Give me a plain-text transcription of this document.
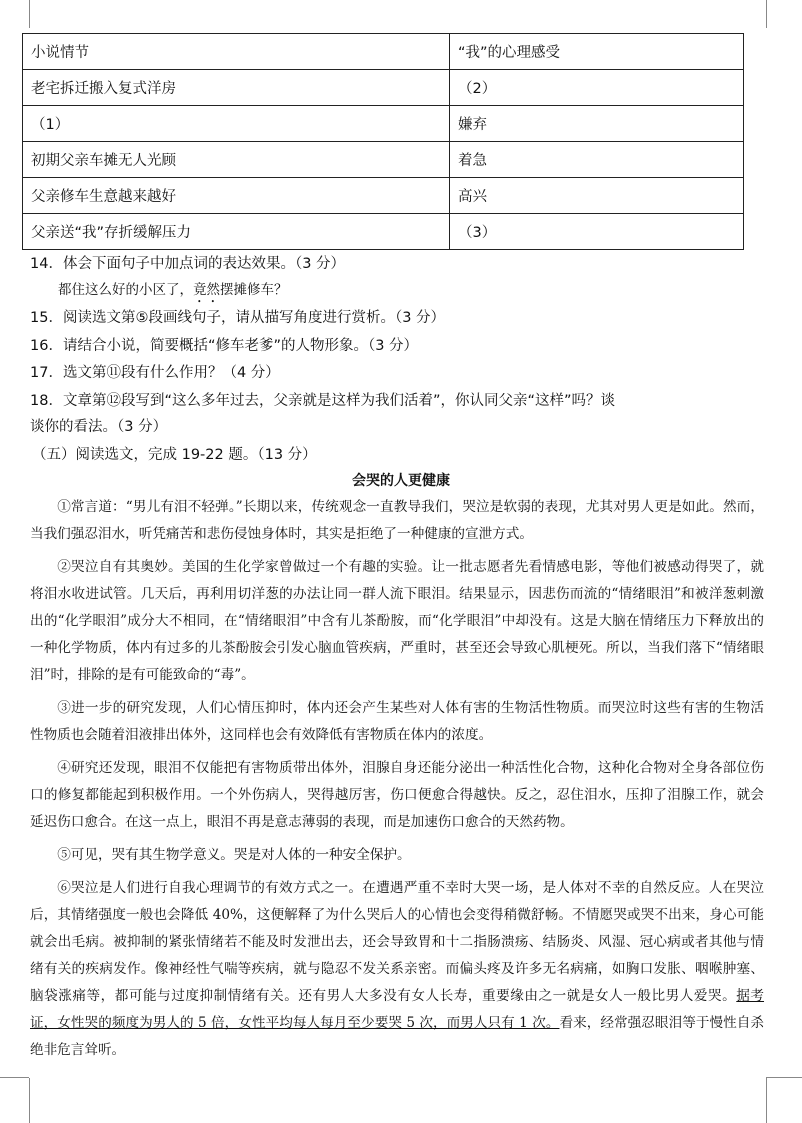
小说情节	“我”的心理感受
老宅拆迁搬入复式洋房	（2）
（1）	嫌弃
初期父亲车摊无人光顾	着急
父亲修车生意越来越好	高兴
父亲送“我”存折缓解压力	（3）
14．体会下面句子中加点词的表达效果。（3 分）
都住这么好的小区了，竟然摆摊修车？
15．阅读选文第⑤段画线句子，请从描写角度进行赏析。（3 分）
16．请结合小说，简要概括“修车老爹”的人物形象。（3 分）
17．选文第⑪段有什么作用？（4 分）
18．文章第⑫段写到“这么多年过去，父亲就是这样为我们活着”，你认同父亲“这样”吗？谈
谈你的看法。（3 分）
（五）阅读选文，完成 19-22 题。（13 分）
会哭的人更健康

①常言道：“男儿有泪不轻弹。”长期以来，传统观念一直教导我们，哭泣是软弱的表现，尤其对男人更是如此。然而，当我们强忍泪水，听凭痛苦和悲伤侵蚀身体时，其实是拒绝了一种健康的宣泄方式。

②哭泣自有其奥妙。美国的生化学家曾做过一个有趣的实验。让一批志愿者先看情感电影，等他们被感动得哭了，就将泪水收进试管。几天后，再利用切洋葱的办法让同一群人流下眼泪。结果显示，因悲伤而流的“情绪眼泪”和被洋葱刺激出的“化学眼泪”成分大不相同，在“情绪眼泪”中含有儿茶酚胺，而“化学眼泪”中却没有。这是大脑在情绪压力下释放出的一种化学物质，体内有过多的儿茶酚胺会引发心脑血管疾病，严重时，甚至还会导致心肌梗死。所以，当我们落下“情绪眼泪”时，排除的是有可能致命的“毒”。

③进一步的研究发现，人们心情压抑时，体内还会产生某些对人体有害的生物活性物质。而哭泣时这些有害的生物活性物质也会随着泪液排出体外，这同样也会有效降低有害物质在体内的浓度。

④研究还发现，眼泪不仅能把有害物质带出体外，泪腺自身还能分泌出一种活性化合物，这种化合物对全身各部位伤口的修复都能起到积极作用。一个外伤病人，哭得越厉害，伤口便愈合得越快。反之，忍住泪水，压抑了泪腺工作，就会延迟伤口愈合。在这一点上，眼泪不再是意志薄弱的表现，而是加速伤口愈合的天然药物。

⑤可见，哭有其生物学意义。哭是对人体的一种安全保护。

⑥哭泣是人们进行自我心理调节的有效方式之一。在遭遇严重不幸时大哭一场，是人体对不幸的自然反应。人在哭泣后，其情绪强度一般也会降低 40%，这便解释了为什么哭后人的心情也会变得稍微舒畅。不情愿哭或哭不出来，身心可能就会出毛病。被抑制的紧张情绪若不能及时发泄出去，还会导致胃和十二指肠溃疡、结肠炎、风湿、冠心病或者其他与情绪有关的疾病发作。像神经性气喘等疾病，就与隐忍不发关系亲密。而偏头疼及许多无名病痛，如胸口发胀、咽喉肿塞、脑袋涨痛等，都可能与过度抑制情绪有关。还有男人大多没有女人长寿，重要缘由之一就是女人一般比男人爱哭。据考证，女性哭的频度为男人的 5 倍，女性平均每人每月至少要哭 5 次，而男人只有 1 次。看来，经常强忍眼泪等于慢性自杀绝非危言耸听。
